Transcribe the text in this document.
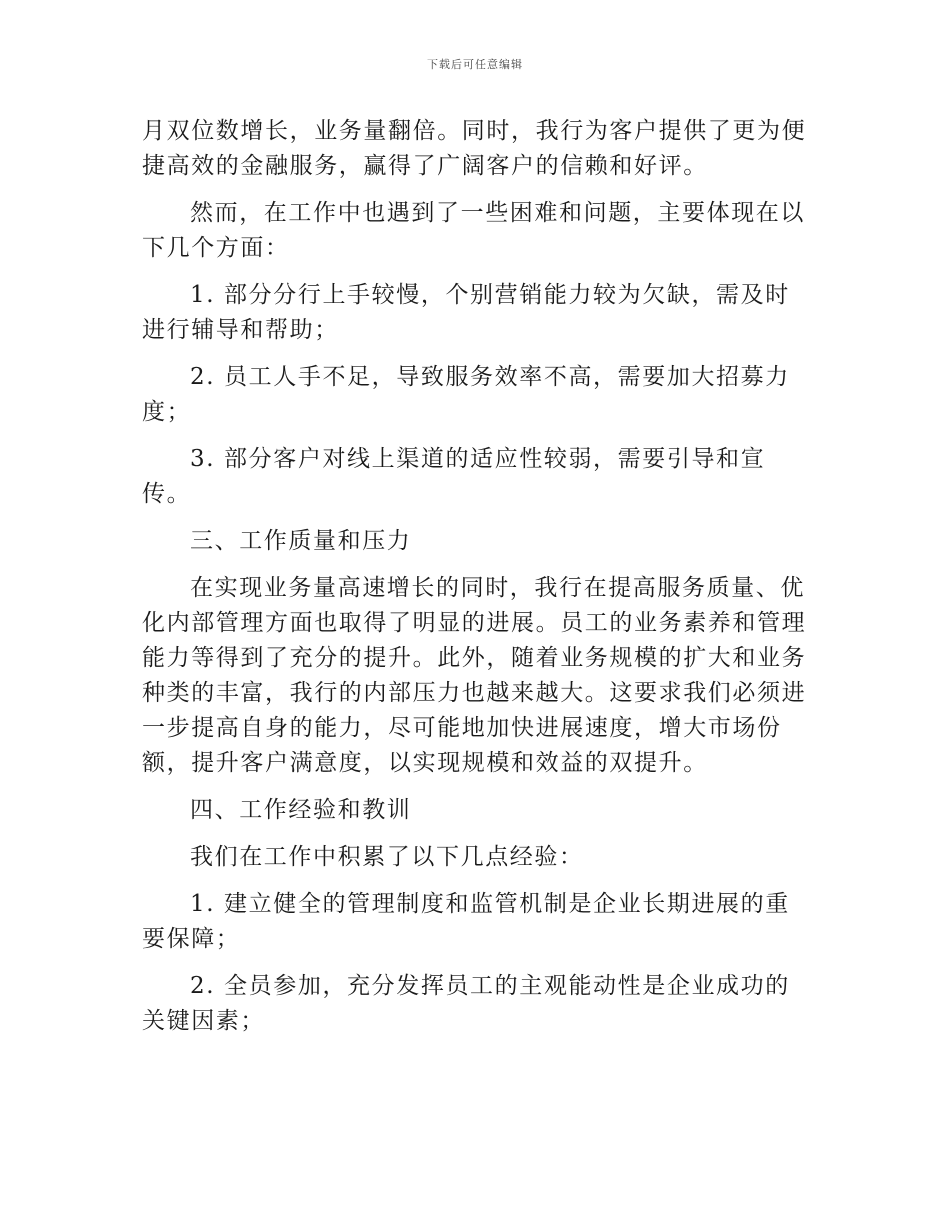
下载后可任意编辑

月双位数增长，业务量翻倍。同时，我行为客户提供了更为便捷高效的金融服务，赢得了广阔客户的信赖和好评。

然而，在工作中也遇到了一些困难和问题，主要体现在以下几个方面：

1. 部分分行上手较慢，个别营销能力较为欠缺，需及时进行辅导和帮助；

2. 员工人手不足，导致服务效率不高，需要加大招募力度；

3. 部分客户对线上渠道的适应性较弱，需要引导和宣传。

三、工作质量和压力

在实现业务量高速增长的同时，我行在提高服务质量、优化内部管理方面也取得了明显的进展。员工的业务素养和管理能力等得到了充分的提升。此外，随着业务规模的扩大和业务种类的丰富，我行的内部压力也越来越大。这要求我们必须进一步提高自身的能力，尽可能地加快进展速度，增大市场份额，提升客户满意度，以实现规模和效益的双提升。

四、工作经验和教训

我们在工作中积累了以下几点经验：

1. 建立健全的管理制度和监管机制是企业长期进展的重要保障；

2. 全员参加，充分发挥员工的主观能动性是企业成功的关键因素；
